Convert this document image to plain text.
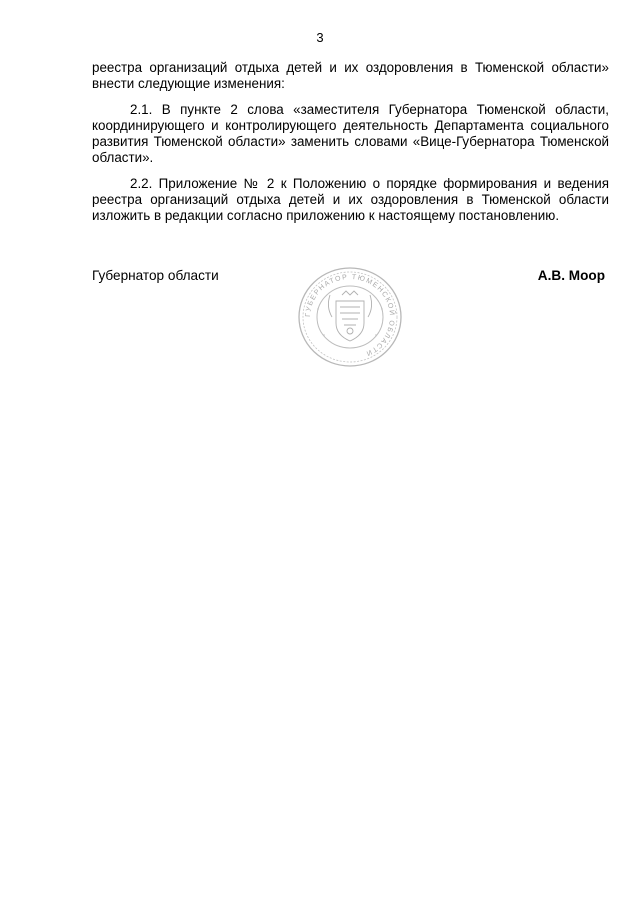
3

реестра организаций отдыха детей и их оздоровления в Тюменской области» внести следующие изменения:

2.1. В пункте 2 слова «заместителя Губернатора Тюменской области, координирующего и контролирующего деятельность Департамента социального развития Тюменской области» заменить словами «Вице-Губернатора Тюменской области».

2.2. Приложение № 2 к Положению о порядке формирования и ведения реестра организаций отдыха детей и их оздоровления в Тюменской области изложить в редакции согласно приложению к настоящему постановлению.

Губернатор области	А.В. Моор
ГУБЕРНАТОР ТЮМЕНСКОЙ ОБЛАСТИ
